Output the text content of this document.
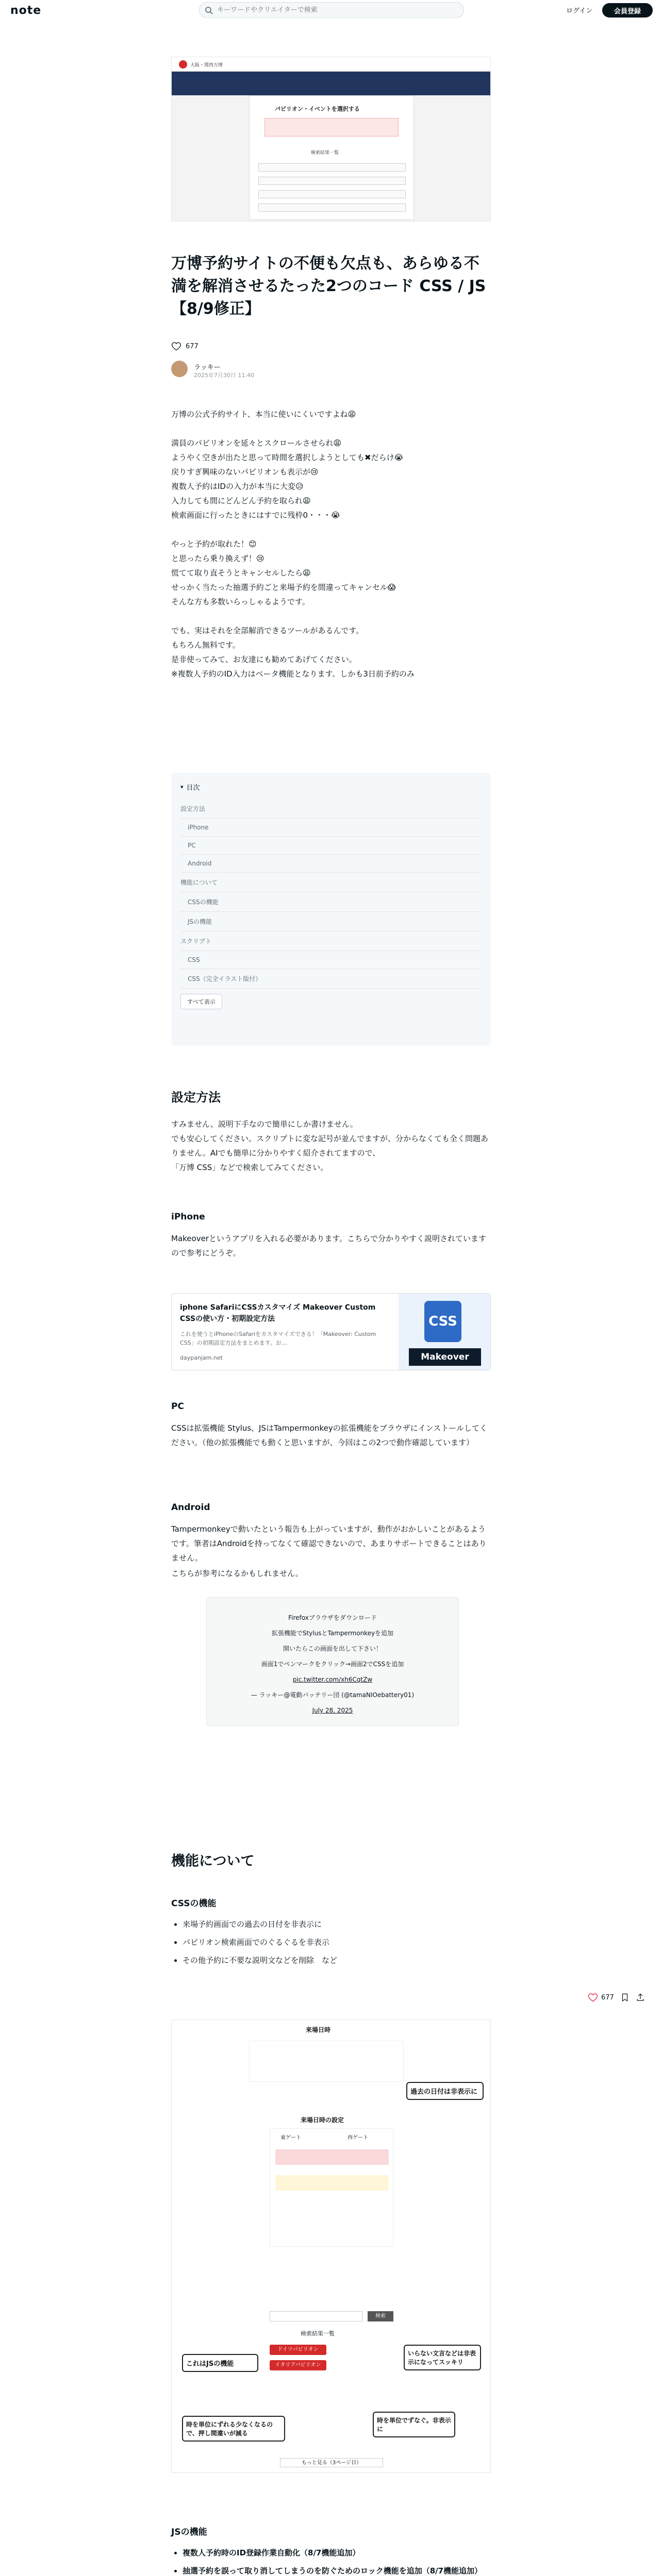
note
キーワードやクリエイターで検索	ログイン	会員登録
大阪・関西万博
パビリオン・イベントを選択する
検索結果一覧
万博予約サイトの不便も欠点も、あらゆる不満を解消させるたった2つのコード CSS / JS【8/9修正】
677
ラッキー
2025年7月30日 11:40

万博の公式予約サイト、本当に使いにくいですよね😩

満員のパビリオンを延々とスクロールさせられ😩

ようやく空きが出たと思って時間を選択しようとしても✖だらけ😭

戻りすぎ興味のないパビリオンも表示が😢

複数人予約はIDの入力が本当に大変😥

入力しても間にどんどん予約を取られ😩

検索画面に行ったときにはすでに残枠0・・・😭

やっと予約が取れた！😊

と思ったら乗り換えず！😢

慌てて取り直そうとキャンセルしたら😩

せっかく当たった抽選予約ごと来場予約を間違ってキャンセル😱

そんな方も多数いらっしゃるようです。

でも、実はそれを全部解消できるツールがあるんです。

もちろん無料です。

是非使ってみて、お友達にも勧めてあげてください。

※複数人予約のID入力はベータ機能となります。しかも3日前予約のみ

▾ 目次
設定方法
iPhone
PC
Android
機能について
CSSの機能
JSの機能
スクリプト
CSS
CSS（完全イラスト版付）
すべて表示
設定方法

すみません、説明下手なので簡単にしか書けません。

でも安心してください。スクリプトに変な記号が並んでますが、分からなくても全く問題ありません。AIでも簡単に分かりやすく紹介されてますので、

「万博 CSS」などで検索してみてください。

iPhone

Makeoverというアプリを入れる必要があります。こちらで分かりやすく説明されていますので参考にどうぞ。

iphone SafariにCSSカスタマイズ Makeover Custom CSSの使い方・初期設定方法
これを使うとiPhoneのSafariをカスタマイズできる！「Makeover: Custom CSS」の初期設定方法をまとめます。お…
daypanjam.net
CSS
Makeover
PC

CSSは拡張機能 Stylus、JSはTampermonkeyの拡張機能をブラウザにインストールしてください。（他の拡張機能でも動くと思いますが、今回はこの2つで動作確認しています）

Android

Tampermonkeyで動いたという報告も上がっていますが、動作がおかしいことがあるようです。筆者はAndroidを持ってなくて確認できないので、あまりサポートできることはありません。

こちらが参考になるかもしれません。

Firefoxブラウザをダウンロード
拡張機能でStylusとTampermonkeyを追加
開いたらこの画面を出して下さい！
画面1でペンマークをクリック→画面2でCSSを追加
pic.twitter.com/xh6CqtZw
— ラッキー@電動バッテリー団 (@tamaNIOebattery01)
July 28, 2025
機能について
CSSの機能
• 来場予約画面での過去の日付を非表示に
• パビリオン検索画面でのぐるぐるを非表示
• その他予約に不要な説明文などを削除　など
677
来場日時
過去の日付は非表示に
来場日時の設定
東ゲート	西ゲート
これはJSの機能
いらない文言などは非表示になってスッキリ
検索
検索結果一覧
ドイツパビリオン
イタリアパビリオン
時を単位にずれる少なくなるので、押し間違いが減る
時を単位でずなぐ。非表示に
もっと見る（3ページ目）
JSの機能
• 複数人予約時のID登録作業自動化（8/7機能追加）
• 抽選予約を誤って取り消してしまうのを防ぐためのロック機能を追加（8/7機能追加）
